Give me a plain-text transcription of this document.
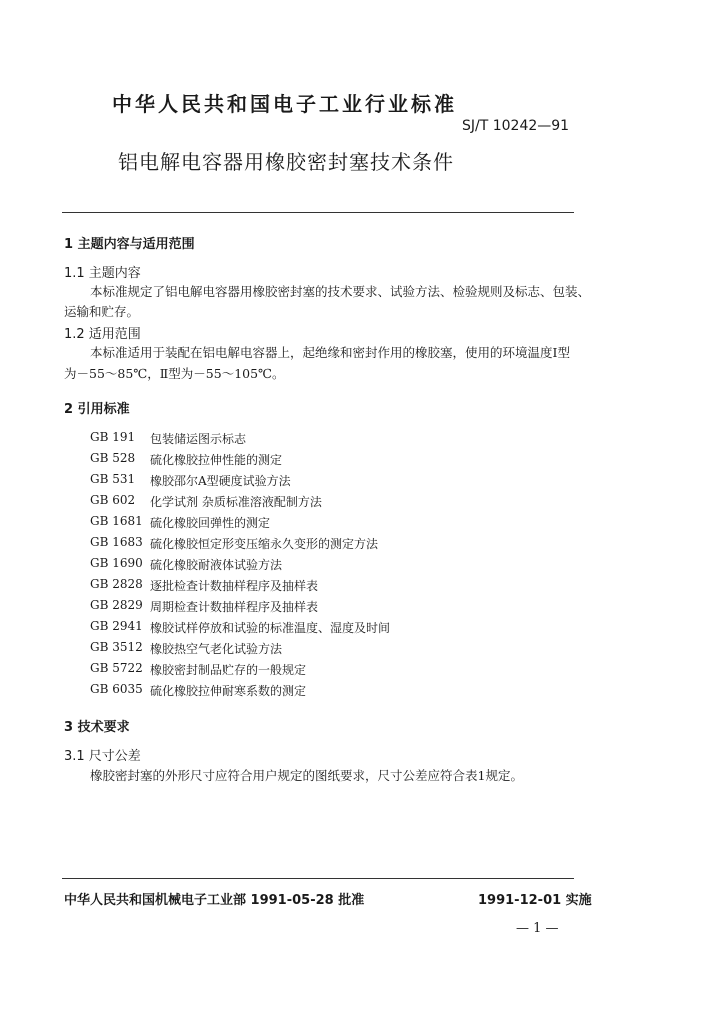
中华人民共和国电子工业行业标准
SJ/T 10242—91
铝电解电容器用橡胶密封塞技术条件
1 主题内容与适用范围
1.1 主题内容
本标准规定了铝电解电容器用橡胶密封塞的技术要求、试验方法、检验规则及标志、包装、
运输和贮存。
1.2 适用范围
本标准适用于装配在铝电解电容器上，起绝缘和密封作用的橡胶塞，使用的环境温度Ⅰ型
为－55～85℃，Ⅱ型为－55～105℃。
2 引用标准
GB 191	包装储运图示标志
GB 528	硫化橡胶拉伸性能的测定
GB 531	橡胶邵尔A型硬度试验方法
GB 602	化学试剂 杂质标准溶液配制方法
GB 1681 硫化橡胶回弹性的测定
GB 1683 硫化橡胶恒定形变压缩永久变形的测定方法
GB 1690 硫化橡胶耐液体试验方法
GB 2828 逐批检查计数抽样程序及抽样表
GB 2829 周期检查计数抽样程序及抽样表
GB 2941 橡胶试样停放和试验的标准温度、湿度及时间
GB 3512 橡胶热空气老化试验方法
GB 5722 橡胶密封制品贮存的一般规定
GB 6035 硫化橡胶拉伸耐寒系数的测定
3 技术要求
3.1 尺寸公差
橡胶密封塞的外形尺寸应符合用户规定的图纸要求，尺寸公差应符合表1规定。
中华人民共和国机械电子工业部 1991-05-28 批准	1991-12-01 实施
— 1 —
